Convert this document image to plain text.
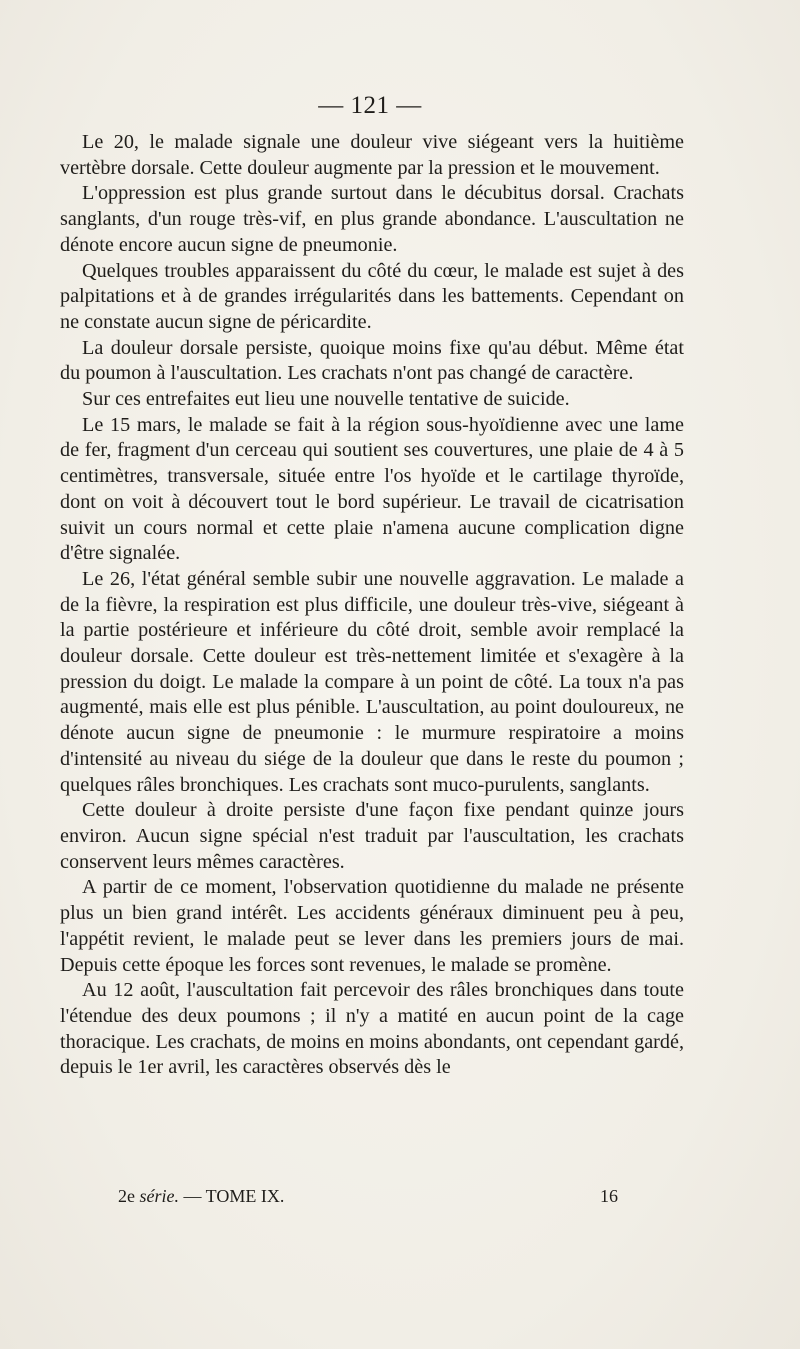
— 121 —

Le 20, le malade signale une douleur vive siégeant vers la huitième vertèbre dorsale. Cette douleur augmente par la pression et le mouvement.

L'oppression est plus grande surtout dans le décubitus dorsal. Crachats sanglants, d'un rouge très-vif, en plus grande abondance. L'auscultation ne dénote encore aucun signe de pneumonie.

Quelques troubles apparaissent du côté du cœur, le malade est sujet à des palpitations et à de grandes irrégularités dans les battements. Cependant on ne constate aucun signe de péricardite.

La douleur dorsale persiste, quoique moins fixe qu'au début. Même état du poumon à l'auscultation. Les crachats n'ont pas changé de caractère.

Sur ces entrefaites eut lieu une nouvelle tentative de suicide.

Le 15 mars, le malade se fait à la région sous-hyoïdienne avec une lame de fer, fragment d'un cerceau qui soutient ses couvertures, une plaie de 4 à 5 centimètres, transversale, située entre l'os hyoïde et le cartilage thyroïde, dont on voit à découvert tout le bord supérieur. Le travail de cicatrisation suivit un cours normal et cette plaie n'amena aucune complication digne d'être signalée.

Le 26, l'état général semble subir une nouvelle aggravation. Le malade a de la fièvre, la respiration est plus difficile, une douleur très-vive, siégeant à la partie postérieure et inférieure du côté droit, semble avoir remplacé la douleur dorsale. Cette douleur est très-nettement limitée et s'exagère à la pression du doigt. Le malade la compare à un point de côté. La toux n'a pas augmenté, mais elle est plus pénible. L'auscultation, au point douloureux, ne dénote aucun signe de pneumonie : le murmure respiratoire a moins d'intensité au niveau du siége de la douleur que dans le reste du poumon ; quelques râles bronchiques. Les crachats sont muco-purulents, sanglants.

Cette douleur à droite persiste d'une façon fixe pendant quinze jours environ. Aucun signe spécial n'est traduit par l'auscultation, les crachats conservent leurs mêmes caractères.

A partir de ce moment, l'observation quotidienne du malade ne présente plus un bien grand intérêt. Les accidents généraux diminuent peu à peu, l'appétit revient, le malade peut se lever dans les premiers jours de mai. Depuis cette époque les forces sont revenues, le malade se promène.

Au 12 août, l'auscultation fait percevoir des râles bronchiques dans toute l'étendue des deux poumons ; il n'y a matité en aucun point de la cage thoracique. Les crachats, de moins en moins abondants, ont cependant gardé, depuis le 1er avril, les caractères observés dès le

2e série. — TOME IX.	16
